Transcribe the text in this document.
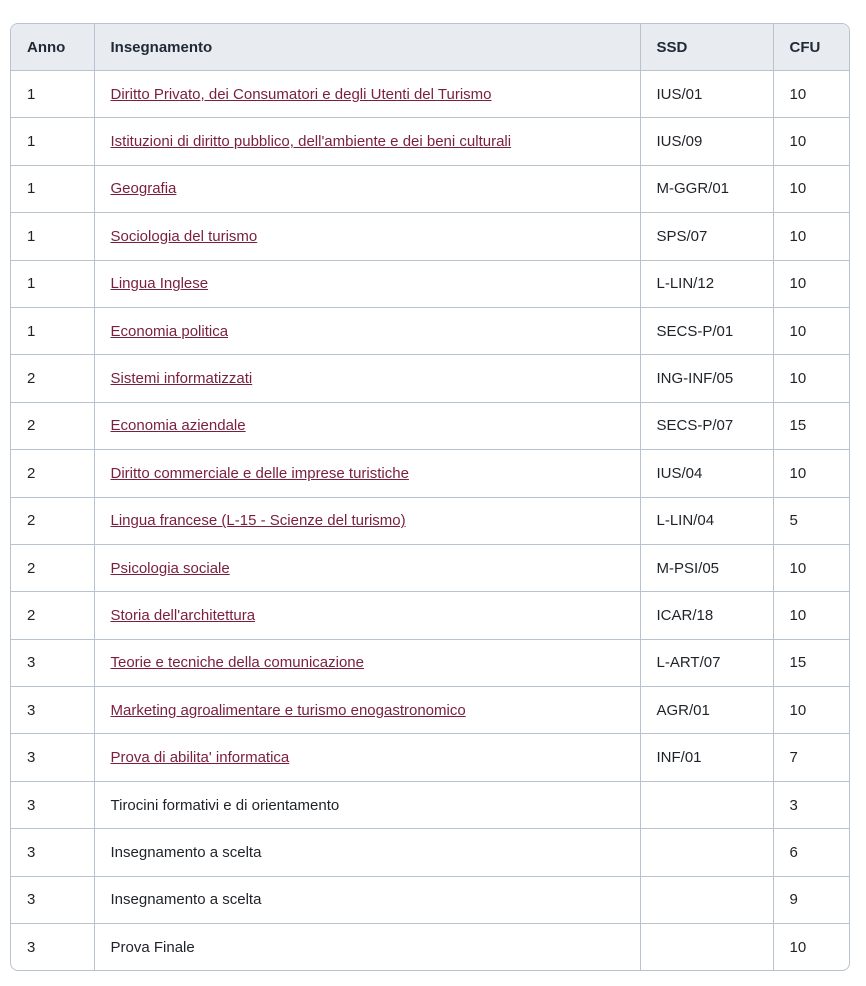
Anno	Insegnamento	SSD	CFU
1	Diritto Privato, dei Consumatori e degli Utenti del Turismo	IUS/01	10
1	Istituzioni di diritto pubblico, dell'ambiente e dei beni culturali	IUS/09	10
1	Geografia	M-GGR/01	10
1	Sociologia del turismo	SPS/07	10
1	Lingua Inglese	L-LIN/12	10
1	Economia politica	SECS-P/01	10
2	Sistemi informatizzati	ING-INF/05	10
2	Economia aziendale	SECS-P/07	15
2	Diritto commerciale e delle imprese turistiche	IUS/04	10
2	Lingua francese (L-15 - Scienze del turismo)	L-LIN/04	5
2	Psicologia sociale	M-PSI/05	10
2	Storia dell'architettura	ICAR/18	10
3	Teorie e tecniche della comunicazione	L-ART/07	15
3	Marketing agroalimentare e turismo enogastronomico	AGR/01	10
3	Prova di abilita' informatica	INF/01	7
3	Tirocini formativi e di orientamento		3
3	Insegnamento a scelta		6
3	Insegnamento a scelta		9
3	Prova Finale		10
